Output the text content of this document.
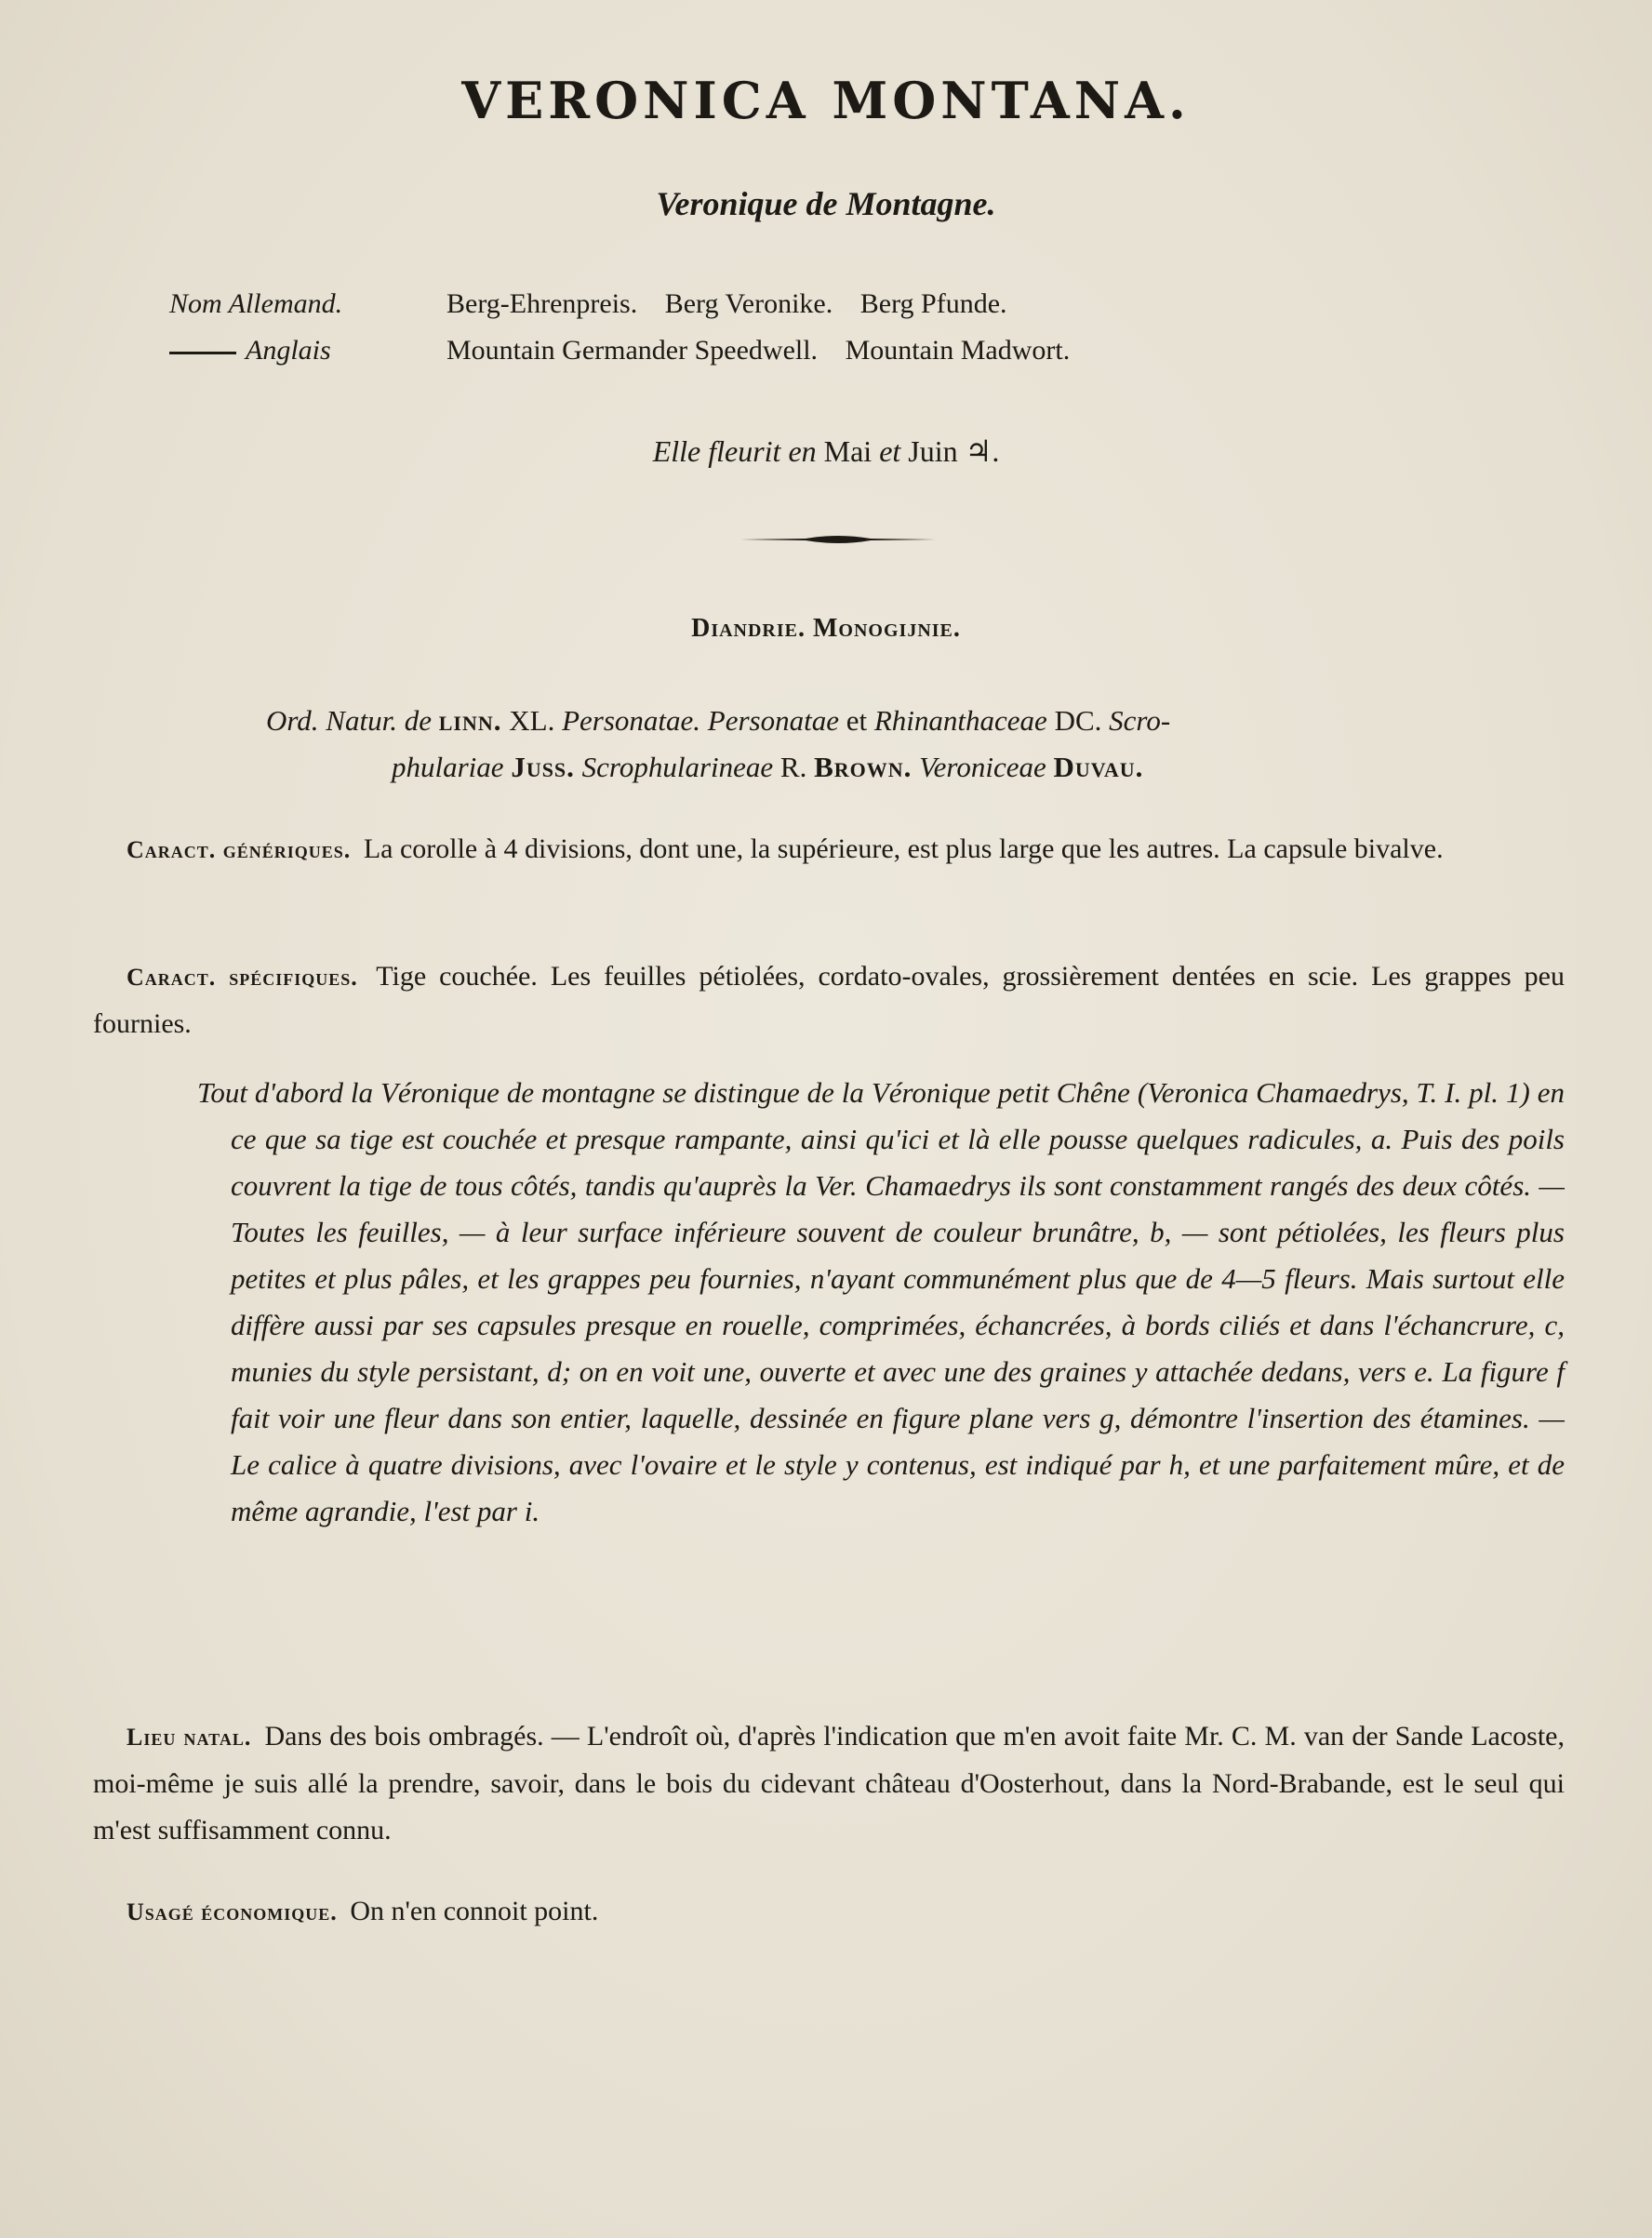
VERONICA MONTANA.
Veronique de Montagne.
Nom Allemand.	Berg-Ehrenpreis. Berg Veronike. Berg Pfunde.
Anglais	Mountain Germander Speedwell. Mountain Madwort.
Elle fleurit en Mai et Juin ♃.
Diandrie. Monogijnie.
Ord. Natur. de linn. XL. Personatae. Personatae et Rhinanthaceae DC. Scro-
phulariae Juss. Scrophularineae R. Brown. Veroniceae Duvau.
Caract. génériques. La corolle à 4 divisions, dont une, la supérieure, est plus large que les autres. La capsule bivalve.
Caract. spécifiques. Tige couchée. Les feuilles pétiolées, cordato-ovales, grossièrement dentées en scie. Les grappes peu fournies.

Tout d'abord la Véronique de montagne se distingue de la Véronique petit Chêne (Veronica Chamaedrys, T. I. pl. 1) en ce que sa tige est couchée et presque rampante, ainsi qu'ici et là elle pousse quelques radicules, a. Puis des poils couvrent la tige de tous côtés, tandis qu'auprès la Ver. Chamaedrys ils sont constamment rangés des deux côtés. — Toutes les feuilles, — à leur surface inférieure souvent de couleur brunâtre, b, — sont pétiolées, les fleurs plus petites et plus pâles, et les grappes peu fournies, n'ayant communément plus que de 4—5 fleurs. Mais surtout elle diffère aussi par ses capsules presque en rouelle, comprimées, échancrées, à bords ciliés et dans l'échancrure, c, munies du style persistant, d; on en voit une, ouverte et avec une des graines y attachée dedans, vers e. La figure f fait voir une fleur dans son entier, laquelle, dessinée en figure plane vers g, démontre l'insertion des étamines. — Le calice à quatre divisions, avec l'ovaire et le style y contenus, est indiqué par h, et une parfaitement mûre, et de même agrandie, l'est par i.

Lieu natal. Dans des bois ombragés. — L'endroît où, d'après l'indication que m'en avoit faite Mr. C. M. van der Sande Lacoste, moi-même je suis allé la prendre, savoir, dans le bois du cidevant château d'Oosterhout, dans la Nord-Brabande, est le seul qui m'est suffisamment connu.
Usagé économique. On n'en connoit point.
